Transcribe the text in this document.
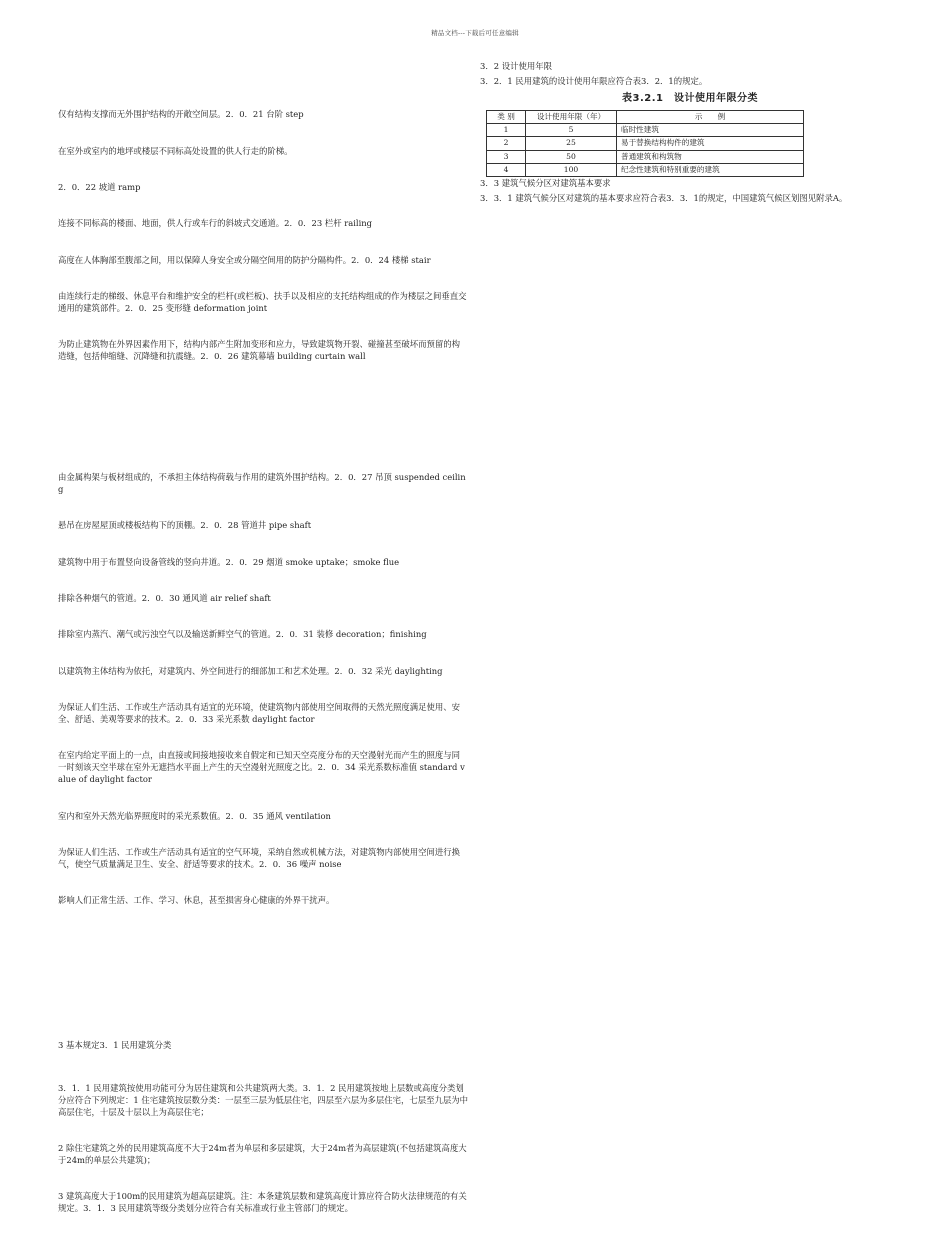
精品文档---下载后可任意编辑

仅有结构支撑而无外围护结构的开敞空间层。2．0．21 台阶 step

在室外或室内的地坪或楼层不同标高处设置的供人行走的阶梯。

2．0．22 坡道 ramp

连接不同标高的楼面、地面，供人行或车行的斜坡式交通道。2．0．23 栏杆 railing

高度在人体胸部至腹部之间，用以保障人身安全或分隔空间用的防护分隔构件。2．0．24 楼梯 stair

由连续行走的梯级、休息平台和维护安全的栏杆(或栏板)、扶手以及相应的支托结构组成的作为楼层之间垂直交通用的建筑部件。2．0．25 变形缝 deformation joint

为防止建筑物在外界因素作用下，结构内部产生附加变形和应力，导致建筑物开裂、碰撞甚至破坏而预留的构造缝，包括伸缩缝、沉降缝和抗震缝。2．0．26 建筑幕墙 building curtain wall

由金属构架与板材组成的，不承担主体结构荷载与作用的建筑外围护结构。2．0．27 吊顶 suspended ceiling

悬吊在房屋屋顶或楼板结构下的顶棚。2．0．28 管道井 pipe shaft

建筑物中用于布置竖向设备管线的竖向井道。2．0．29 烟道 smoke uptake；smoke flue

排除各种烟气的管道。2．0．30 通风道 air relief shaft

排除室内蒸汽、潮气或污浊空气以及输送新鲜空气的管道。2．0．31 装修 decoration；finishing

以建筑物主体结构为依托，对建筑内、外空间进行的细部加工和艺术处理。2．0．32 采光 daylighting

为保证人们生活、工作或生产活动具有适宜的光环境，使建筑物内部使用空间取得的天然光照度满足使用、安全、舒适、美观等要求的技术。2．0．33 采光系数 daylight factor

在室内给定平面上的一点，由直接或间接地接收来自假定和已知天空亮度分布的天空漫射光而产生的照度与同一时刻该天空半球在室外无遮挡水平面上产生的天空漫射光照度之比。2．0．34 采光系数标准值 standard value of daylight factor

室内和室外天然光临界照度时的采光系数值。2．0．35 通风 ventilation

为保证人们生活、工作或生产活动具有适宜的空气环境，采纳自然或机械方法，对建筑物内部使用空间进行换气，使空气质量满足卫生、安全、舒适等要求的技术。2．0．36 噪声 noise

影响人们正常生活、工作、学习、休息，甚至损害身心健康的外界干扰声。

3 基本规定3．1 民用建筑分类

3．1．1 民用建筑按使用功能可分为居住建筑和公共建筑两大类。3．1．2 民用建筑按地上层数或高度分类划分应符合下列规定：1 住宅建筑按层数分类：一层至三层为低层住宅，四层至六层为多层住宅，七层至九层为中高层住宅，十层及十层以上为高层住宅；

2 除住宅建筑之外的民用建筑高度不大于24m者为单层和多层建筑，大于24m者为高层建筑(不包括建筑高度大于24m的单层公共建筑)；

3 建筑高度大于100m的民用建筑为超高层建筑。注：本条建筑层数和建筑高度计算应符合防火法律规范的有关规定。3．1．3 民用建筑等级分类划分应符合有关标准或行业主管部门的规定。

3．2 设计使用年限

3．2．1 民用建筑的设计使用年限应符合表3．2．1的规定。

表3.2.1　设计使用年限分类
类 别	设计使用年限（年）	示　　例
1	5	临时性建筑
2	25	易于替换结构构件的建筑
3	50	普通建筑和构筑物
4	100	纪念性建筑和特别重要的建筑

3．3 建筑气候分区对建筑基本要求

3．3．1 建筑气候分区对建筑的基本要求应符合表3．3．1的规定，中国建筑气候区划图见附录A。
